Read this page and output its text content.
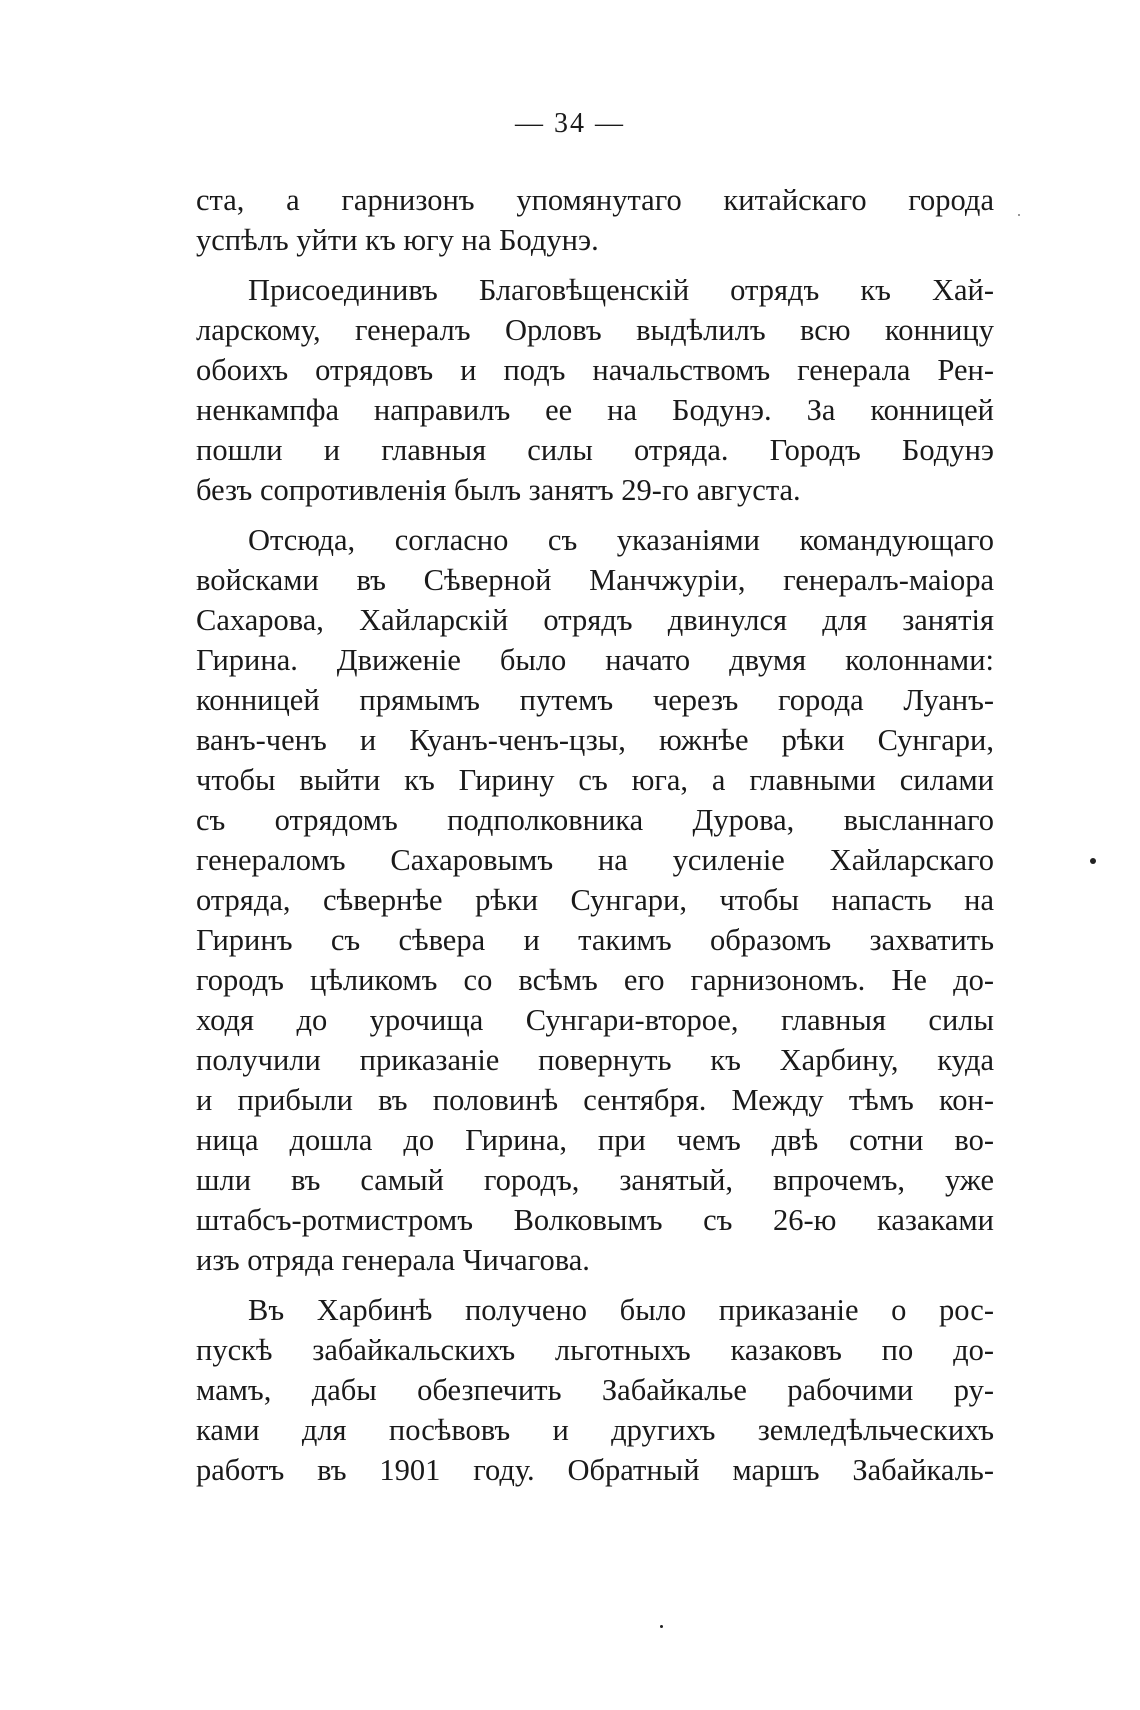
— 34 —
ста, а гарнизонъ упомянутаго китайскаго города
успѣлъ уйти къ югу на Бодунэ.
Присоединивъ Благовѣщенскій отрядъ къ Хай-
ларскому, генералъ Орловъ выдѣлилъ всю конницу
обоихъ отрядовъ и подъ начальствомъ генерала Рен-
ненкампфа направилъ ее на Бодунэ. За конницей
пошли и главныя силы отряда. Городъ Бодунэ
безъ сопротивленія былъ занятъ 29-го августа.
Отсюда, согласно съ указаніями командующаго
войсками въ Сѣверной Манчжуріи, генералъ-маіора
Сахарова, Хайларскій отрядъ двинулся для занятія
Гирина. Движеніе было начато двумя колоннами:
конницей прямымъ путемъ черезъ города Луанъ-
ванъ-ченъ и Куанъ-ченъ-цзы, южнѣе рѣки Сунгари,
чтобы выйти къ Гирину съ юга, а главными силами
съ отрядомъ подполковника Дурова, высланнаго
генераломъ Сахаровымъ на усиленіе Хайларскаго
отряда, сѣвернѣе рѣки Сунгари, чтобы напасть на
Гиринъ съ сѣвера и такимъ образомъ захватить
городъ цѣликомъ со всѣмъ его гарнизономъ. Не до-
ходя до урочища Сунгари-второе, главныя силы
получили приказаніе повернуть къ Харбину, куда
и прибыли въ половинѣ сентября. Между тѣмъ кон-
ница дошла до Гирина, при чемъ двѣ сотни во-
шли въ самый городъ, занятый, впрочемъ, уже
штабсъ-ротмистромъ Волковымъ съ 26-ю казаками
изъ отряда генерала Чичагова.
Въ Харбинѣ получено было приказаніе о рос-
пускѣ забайкальскихъ льготныхъ казаковъ по до-
мамъ, дабы обезпечить Забайкалье рабочими ру-
ками для посѣвовъ и другихъ земледѣльческихъ
работъ въ 1901 году. Обратный маршъ Забайкаль-
